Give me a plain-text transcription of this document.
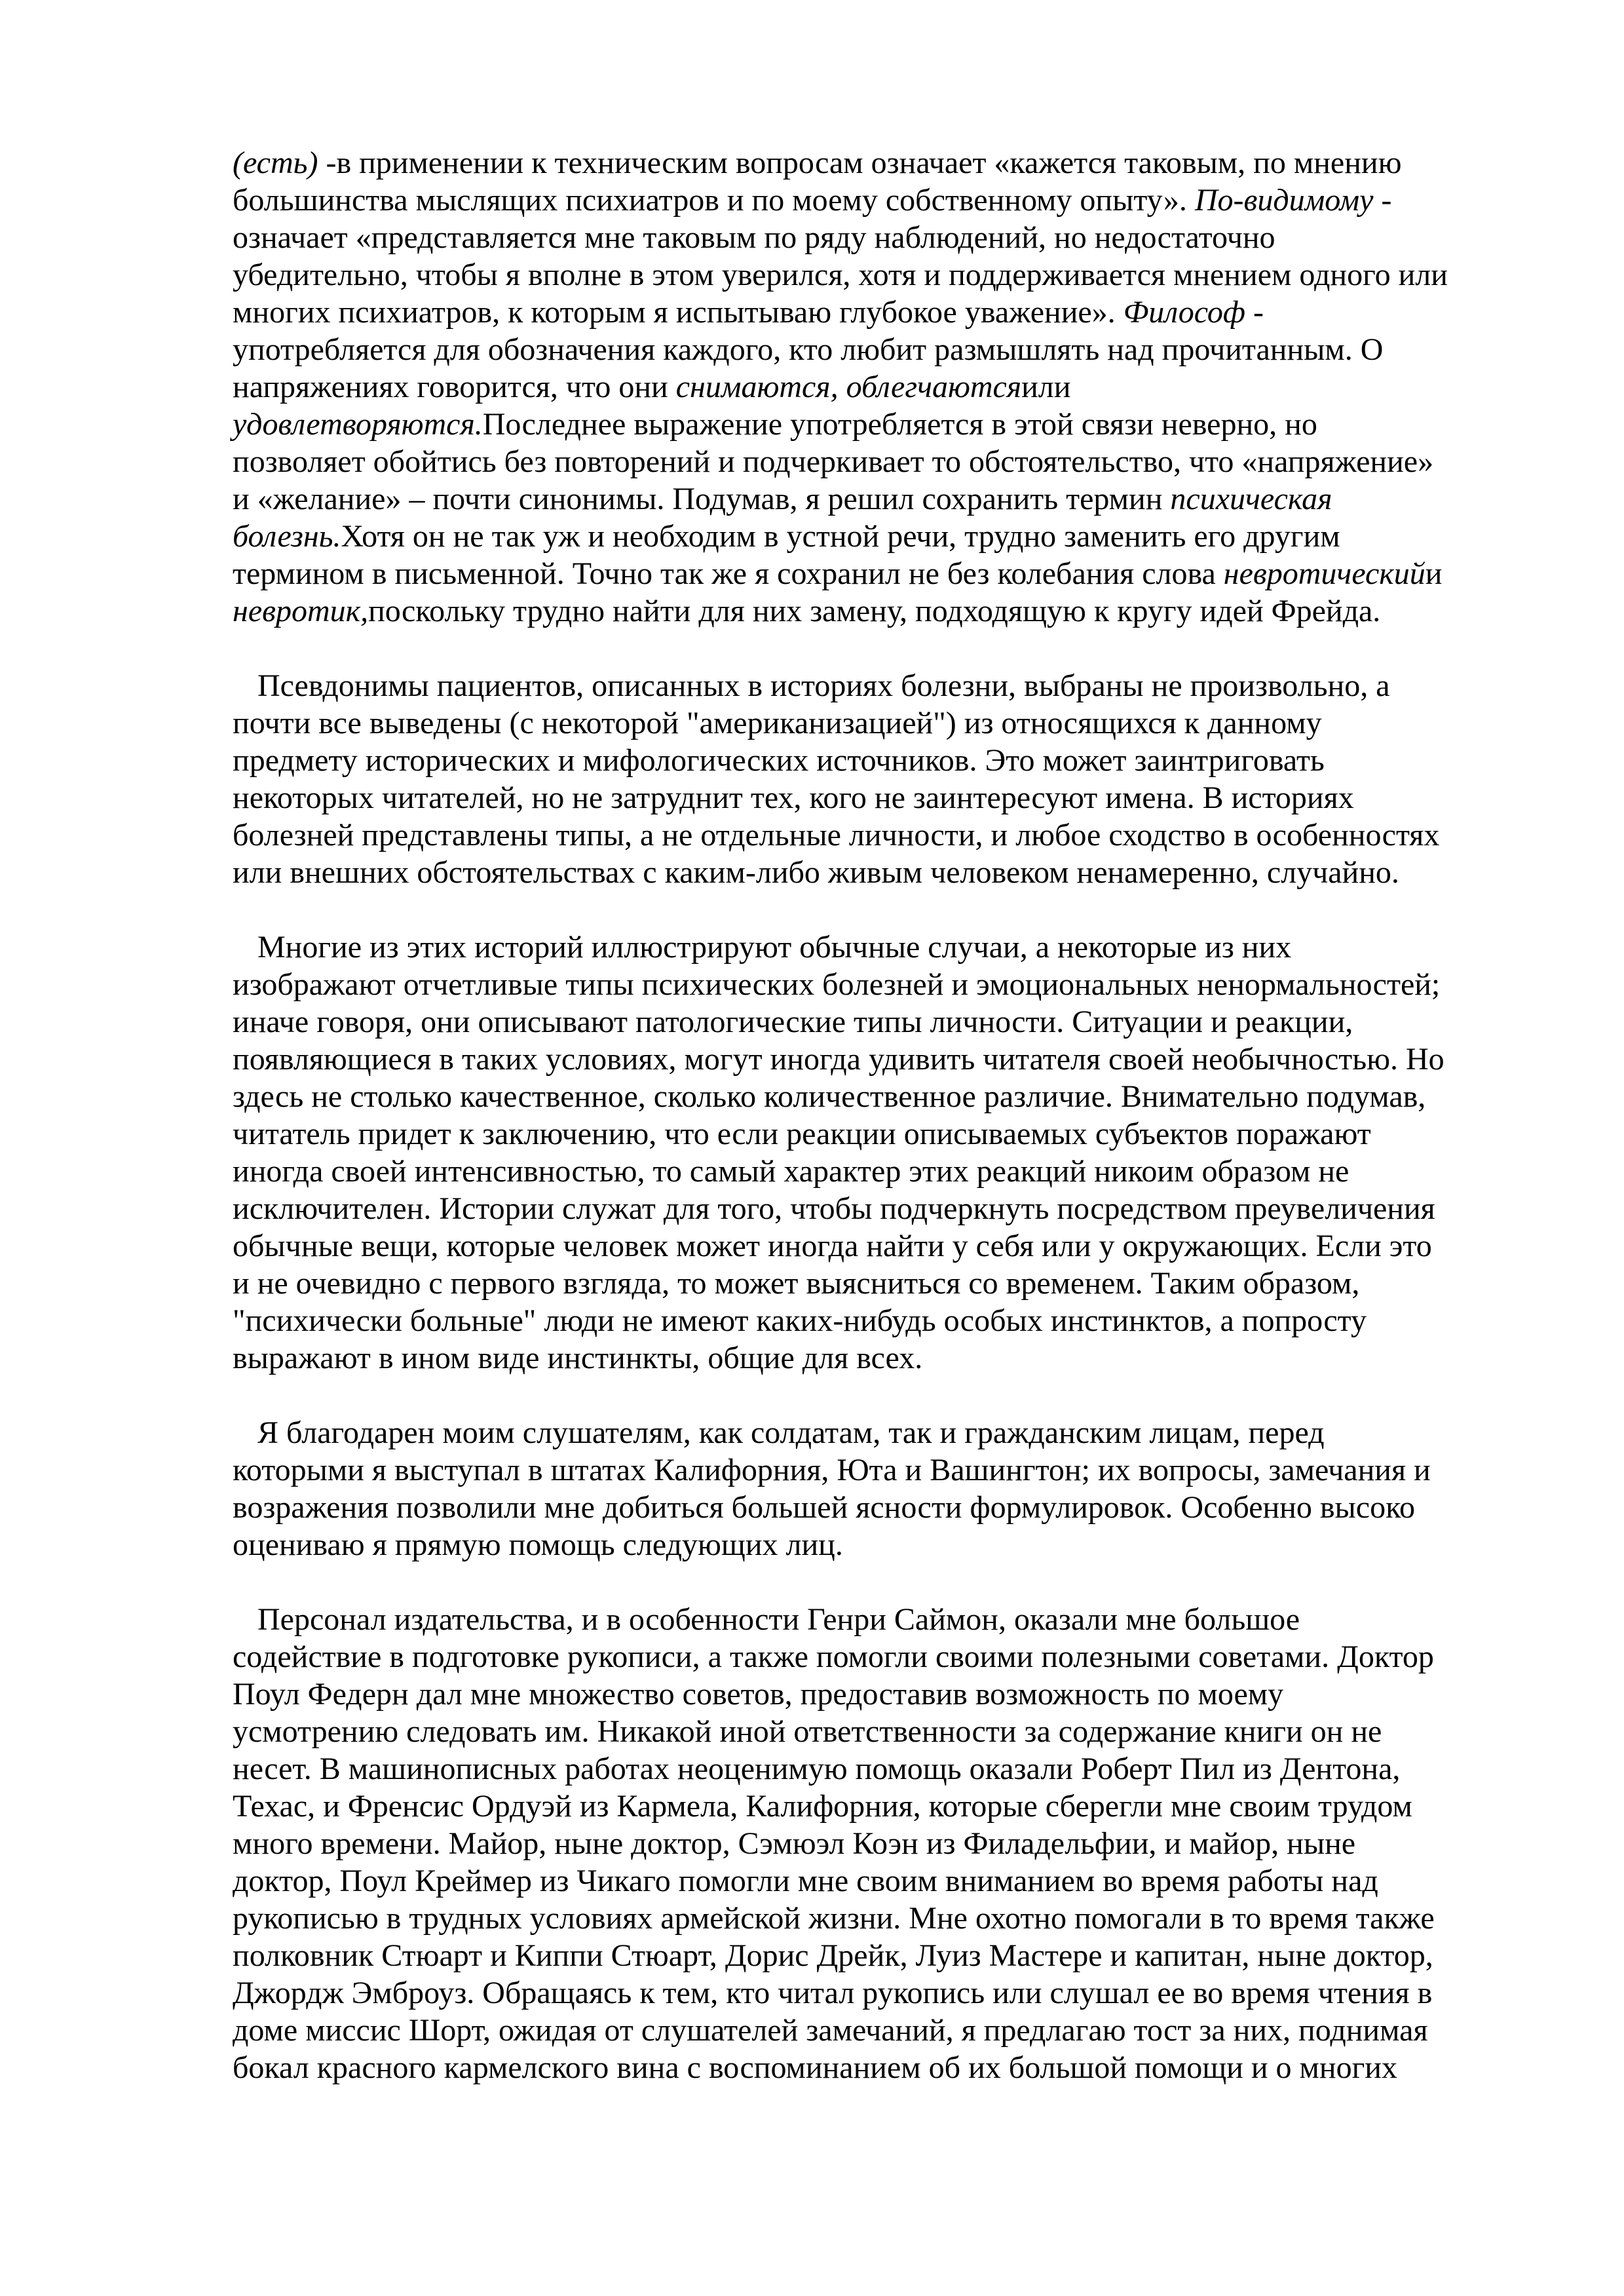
(есть) -в применении к техническим вопросам означает «кажется таковым, по мнению
большинства мыслящих психиатров и по моему собственному опыту». По-видимому -
означает «представляется мне таковым по ряду наблюдений, но недостаточно
убедительно, чтобы я вполне в этом уверился, хотя и поддерживается мнением одного или
многих психиатров, к которым я испытываю глубокое уважение». Философ -
употребляется для обозначения каждого, кто любит размышлять над прочитанным. О
напряжениях говорится, что они снимаются, облегчаютсяили
удовлетворяются.Последнее выражение употребляется в этой связи неверно, но
позволяет обойтись без повторений и подчеркивает то обстоятельство, что «напряжение»
и «желание» – почти синонимы. Подумав, я решил сохранить термин психическая
болезнь.Хотя он не так уж и необходим в устной речи, трудно заменить его другим
термином в письменной. Точно так же я сохранил не без колебания слова невротическийи
невротик,поскольку трудно найти для них замену, подходящую к кругу идей Фрейда.
Псевдонимы пациентов, описанных в историях болезни, выбраны не произвольно, а
почти все выведены (с некоторой "американизацией") из относящихся к данному
предмету исторических и мифологических источников. Это может заинтриговать
некоторых читателей, но не затруднит тех, кого не заинтересуют имена. В историях
болезней представлены типы, а не отдельные личности, и любое сходство в особенностях
или внешних обстоятельствах с каким-либо живым человеком ненамеренно, случайно.
Многие из этих историй иллюстрируют обычные случаи, а некоторые из них
изображают отчетливые типы психических болезней и эмоциональных ненормальностей;
иначе говоря, они описывают патологические типы личности. Ситуации и реакции,
появляющиеся в таких условиях, могут иногда удивить читателя своей необычностью. Но
здесь не столько качественное, сколько количественное различие. Внимательно подумав,
читатель придет к заключению, что если реакции описываемых субъектов поражают
иногда своей интенсивностью, то самый характер этих реакций никоим образом не
исключителен. Истории служат для того, чтобы подчеркнуть посредством преувеличения
обычные вещи, которые человек может иногда найти у себя или у окружающих. Если это
и не очевидно с первого взгляда, то может выясниться со временем. Таким образом,
"психически больные" люди не имеют каких-нибудь особых инстинктов, а попросту
выражают в ином виде инстинкты, общие для всех.
Я благодарен моим слушателям, как солдатам, так и гражданским лицам, перед
которыми я выступал в штатах Калифорния, Юта и Вашингтон; их вопросы, замечания и
возражения позволили мне добиться большей ясности формулировок. Особенно высоко
оцениваю я прямую помощь следующих лиц.
Персонал издательства, и в особенности Генри Саймон, оказали мне большое
содействие в подготовке рукописи, а также помогли своими полезными советами. Доктор
Поул Федерн дал мне множество советов, предоставив возможность по моему
усмотрению следовать им. Никакой иной ответственности за содержание книги он не
несет. В машинописных работах неоценимую помощь оказали Роберт Пил из Дентона,
Техас, и Френсис Ордуэй из Кармела, Калифорния, которые сберегли мне своим трудом
много времени. Майор, ныне доктор, Сэмюэл Коэн из Филадельфии, и майор, ныне
доктор, Поул Креймер из Чикаго помогли мне своим вниманием во время работы над
рукописью в трудных условиях армейской жизни. Мне охотно помогали в то время также
полковник Стюарт и Киппи Стюарт, Дорис Дрейк, Луиз Мастере и капитан, ныне доктор,
Джордж Эмброуз. Обращаясь к тем, кто читал рукопись или слушал ее во время чтения в
доме миссис Шорт, ожидая от слушателей замечаний, я предлагаю тост за них, поднимая
бокал красного кармелского вина с воспоминанием об их большой помощи и о многих
